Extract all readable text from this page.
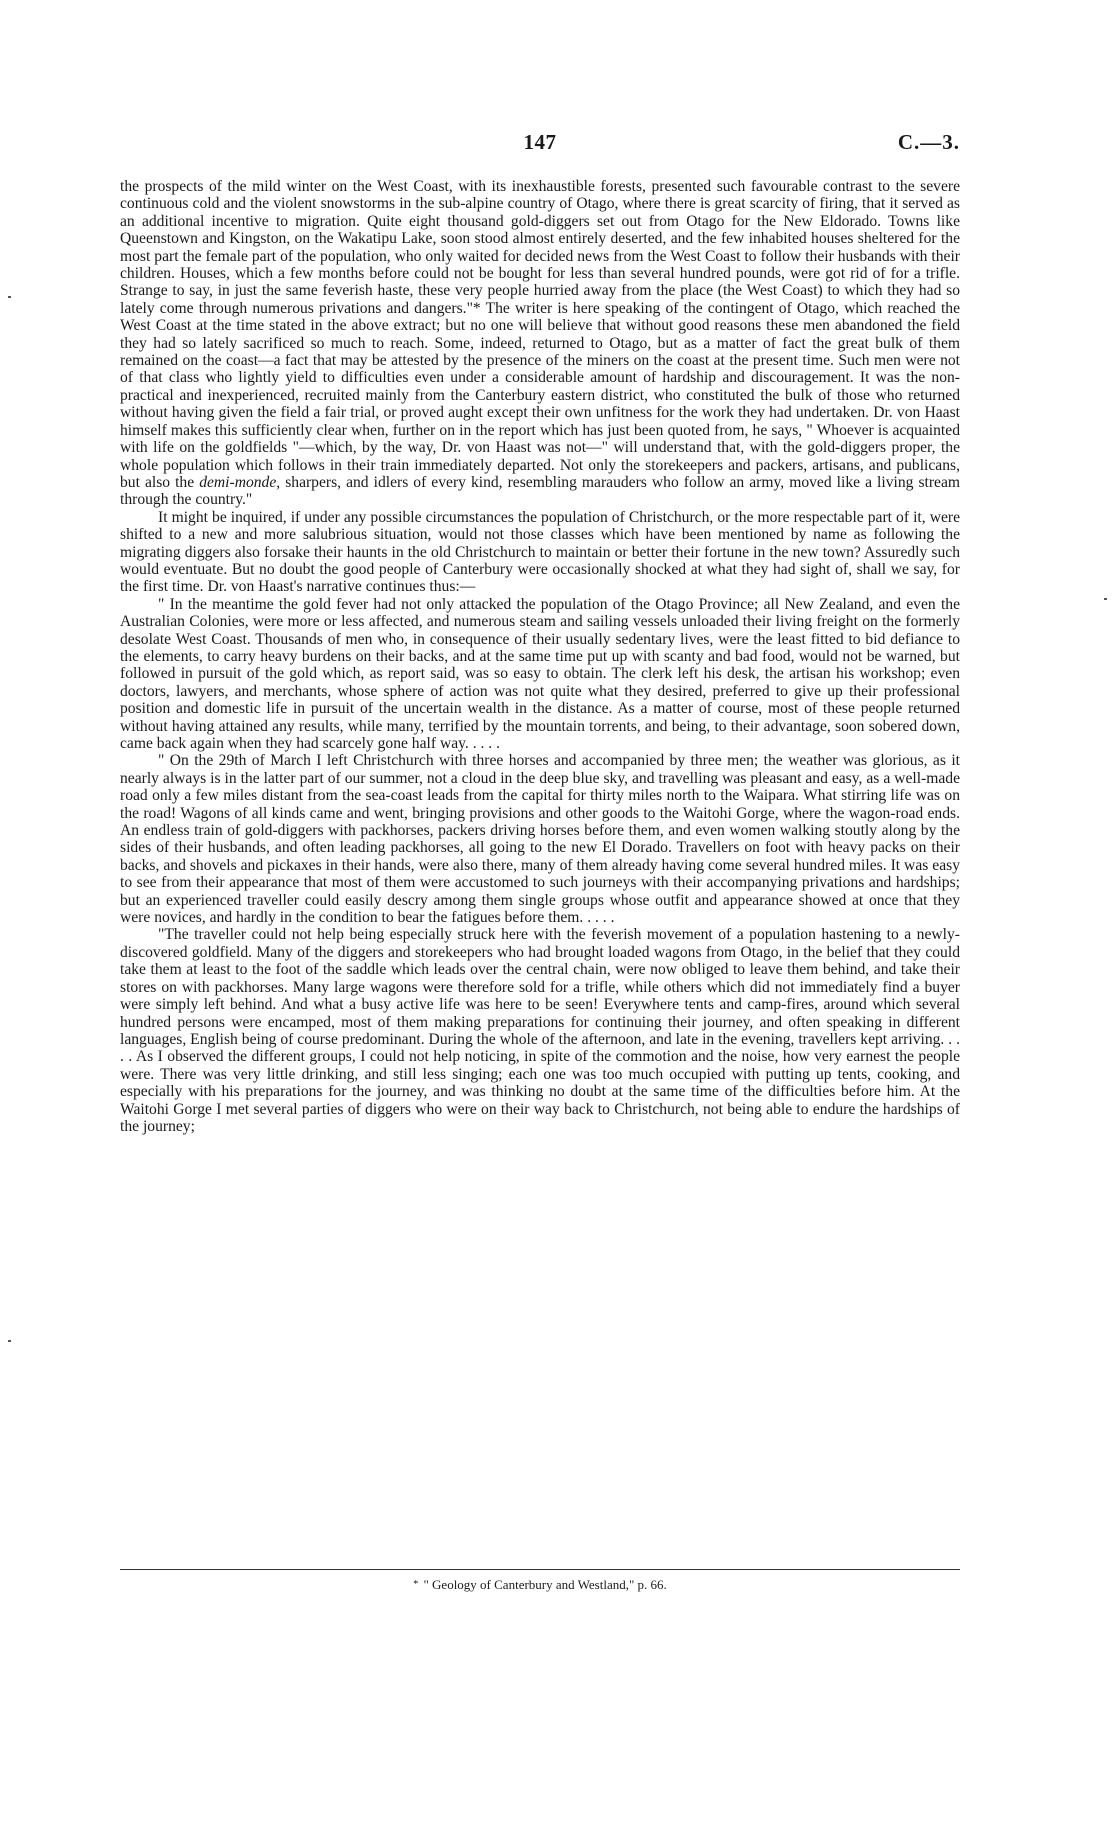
147	C.—3.

the prospects of the mild winter on the West Coast, with its inexhaustible forests, presented such favourable contrast to the severe continuous cold and the violent snowstorms in the sub-alpine country of Otago, where there is great scarcity of firing, that it served as an additional incentive to migration. Quite eight thousand gold-diggers set out from Otago for the New Eldorado. Towns like Queenstown and Kingston, on the Wakatipu Lake, soon stood almost entirely deserted, and the few inhabited houses sheltered for the most part the female part of the population, who only waited for decided news from the West Coast to follow their husbands with their children. Houses, which a few months before could not be bought for less than several hundred pounds, were got rid of for a trifle. Strange to say, in just the same feverish haste, these very people hurried away from the place (the West Coast) to which they had so lately come through numerous privations and dangers."* The writer is here speaking of the contingent of Otago, which reached the West Coast at the time stated in the above extract; but no one will believe that without good reasons these men abandoned the field they had so lately sacrificed so much to reach. Some, indeed, returned to Otago, but as a matter of fact the great bulk of them remained on the coast—a fact that may be attested by the presence of the miners on the coast at the present time. Such men were not of that class who lightly yield to difficulties even under a considerable amount of hardship and discouragement. It was the non-practical and inexperienced, recruited mainly from the Canterbury eastern district, who constituted the bulk of those who returned without having given the field a fair trial, or proved aught except their own unfitness for the work they had undertaken. Dr. von Haast himself makes this sufficiently clear when, further on in the report which has just been quoted from, he says, " Whoever is acquainted with life on the goldfields "—which, by the way, Dr. von Haast was not—" will understand that, with the gold-diggers proper, the whole population which follows in their train immediately departed. Not only the storekeepers and packers, artisans, and publicans, but also the demi-monde, sharpers, and idlers of every kind, resembling marauders who follow an army, moved like a living stream through the country."

It might be inquired, if under any possible circumstances the population of Christchurch, or the more respectable part of it, were shifted to a new and more salubrious situation, would not those classes which have been mentioned by name as following the migrating diggers also forsake their haunts in the old Christchurch to maintain or better their fortune in the new town? Assuredly such would eventuate. But no doubt the good people of Canterbury were occasionally shocked at what they had sight of, shall we say, for the first time. Dr. von Haast's narrative continues thus:—

" In the meantime the gold fever had not only attacked the population of the Otago Province; all New Zealand, and even the Australian Colonies, were more or less affected, and numerous steam and sailing vessels unloaded their living freight on the formerly desolate West Coast. Thousands of men who, in consequence of their usually sedentary lives, were the least fitted to bid defiance to the elements, to carry heavy burdens on their backs, and at the same time put up with scanty and bad food, would not be warned, but followed in pursuit of the gold which, as report said, was so easy to obtain. The clerk left his desk, the artisan his workshop; even doctors, lawyers, and merchants, whose sphere of action was not quite what they desired, preferred to give up their professional position and domestic life in pursuit of the uncertain wealth in the distance. As a matter of course, most of these people returned without having attained any results, while many, terrified by the mountain torrents, and being, to their advantage, soon sobered down, came back again when they had scarcely gone half way. . . . .

" On the 29th of March I left Christchurch with three horses and accompanied by three men; the weather was glorious, as it nearly always is in the latter part of our summer, not a cloud in the deep blue sky, and travelling was pleasant and easy, as a well-made road only a few miles distant from the sea-coast leads from the capital for thirty miles north to the Waipara. What stirring life was on the road! Wagons of all kinds came and went, bringing provisions and other goods to the Waitohi Gorge, where the wagon-road ends. An endless train of gold-diggers with packhorses, packers driving horses before them, and even women walking stoutly along by the sides of their husbands, and often leading packhorses, all going to the new El Dorado. Travellers on foot with heavy packs on their backs, and shovels and pickaxes in their hands, were also there, many of them already having come several hundred miles. It was easy to see from their appearance that most of them were accustomed to such journeys with their accompanying privations and hardships; but an experienced traveller could easily descry among them single groups whose outfit and appearance showed at once that they were novices, and hardly in the condition to bear the fatigues before them. . . . .

"The traveller could not help being especially struck here with the feverish movement of a population hastening to a newly-discovered goldfield. Many of the diggers and storekeepers who had brought loaded wagons from Otago, in the belief that they could take them at least to the foot of the saddle which leads over the central chain, were now obliged to leave them behind, and take their stores on with packhorses. Many large wagons were therefore sold for a trifle, while others which did not immediately find a buyer were simply left behind. And what a busy active life was here to be seen! Everywhere tents and camp-fires, around which several hundred persons were encamped, most of them making preparations for continuing their journey, and often speaking in different languages, English being of course predominant. During the whole of the afternoon, and late in the evening, travellers kept arriving. . . . . As I observed the different groups, I could not help noticing, in spite of the commotion and the noise, how very earnest the people were. There was very little drinking, and still less singing; each one was too much occupied with putting up tents, cooking, and especially with his preparations for the journey, and was thinking no doubt at the same time of the difficulties before him. At the Waitohi Gorge I met several parties of diggers who were on their way back to Christchurch, not being able to endure the hardships of the journey;

* " Geology of Canterbury and Westland," p. 66.
